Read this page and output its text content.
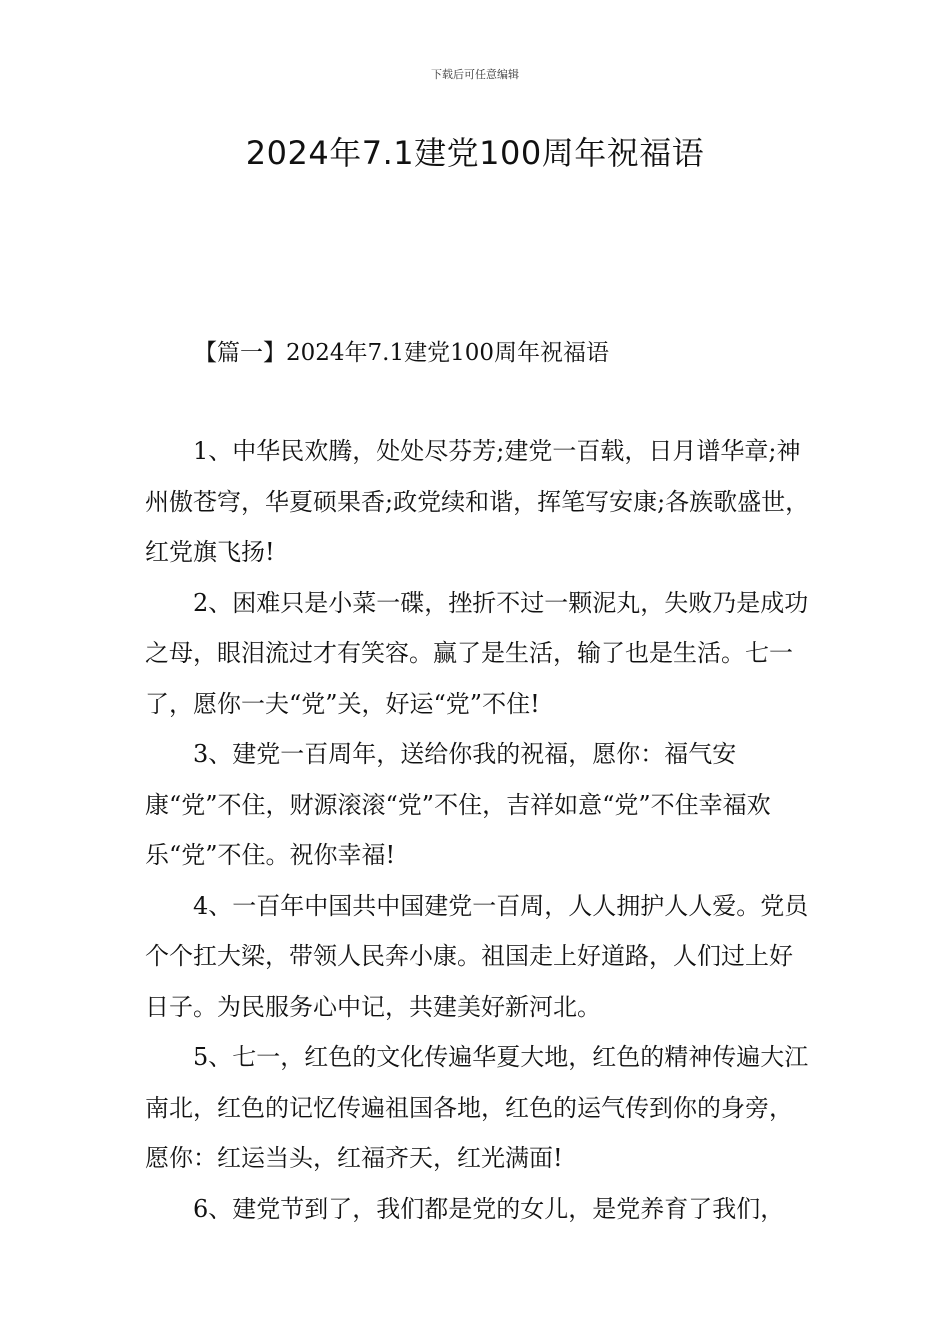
下载后可任意编辑
2024年7.1建党100周年祝福语
【篇一】2024年7.1建党100周年祝福语

1、中华民欢腾，处处尽芬芳;建党一百载，日月谱华章;神州傲苍穹，华夏硕果香;政党续和谐，挥笔写安康;各族歌盛世，红党旗飞扬!

2、困难只是小菜一碟，挫折不过一颗泥丸，失败乃是成功之母，眼泪流过才有笑容。赢了是生活，输了也是生活。七一了，愿你一夫“党”关，好运“党”不住!

3、建党一百周年，送给你我的祝福，愿你：福气安康“党”不住，财源滚滚“党”不住，吉祥如意“党”不住幸福欢乐“党”不住。祝你幸福!

4、一百年中国共中国建党一百周，人人拥护人人爱。党员个个扛大梁，带领人民奔小康。祖国走上好道路，人们过上好日子。为民服务心中记，共建美好新河北。

5、七一，红色的文化传遍华夏大地，红色的精神传遍大江南北，红色的记忆传遍祖国各地，红色的运气传到你的身旁，愿你：红运当头，红福齐天，红光满面!

6、建党节到了，我们都是党的女儿，是党养育了我们，
